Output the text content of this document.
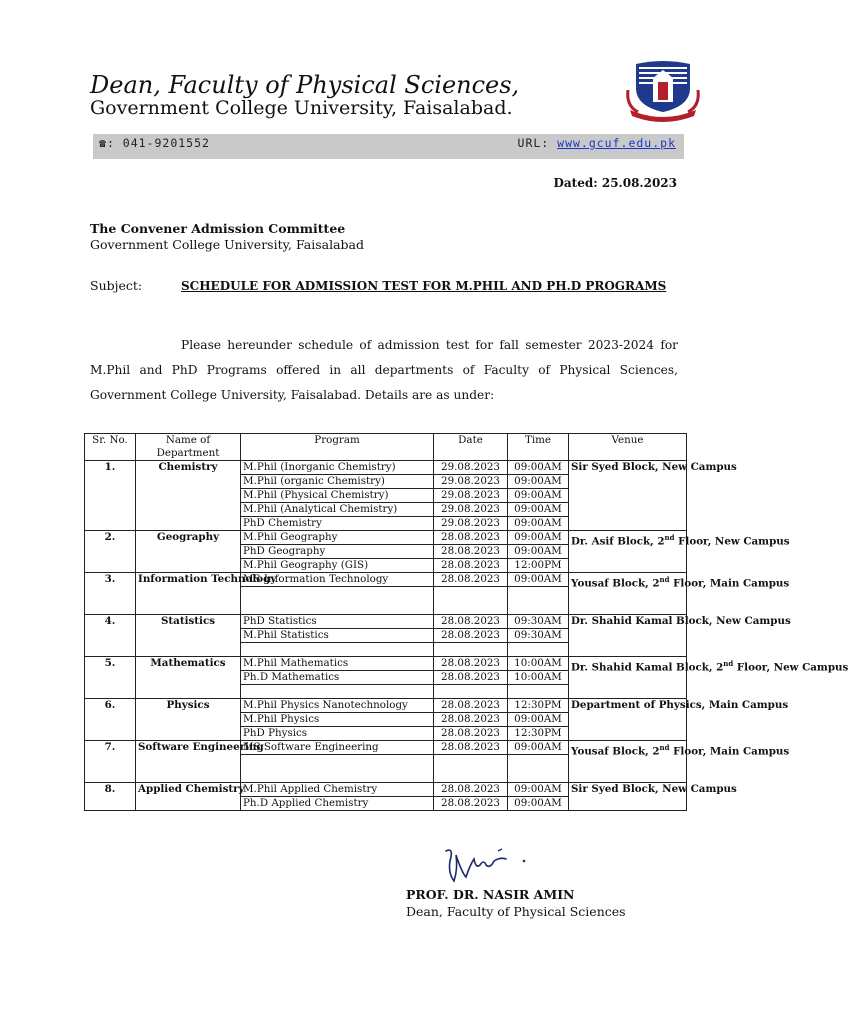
Dean, Faculty of Physical Sciences,
Government College University, Faisalabad.
☎: 041-9201552	URL: www.gcuf.edu.pk
Dated: 25.08.2023
The Convener Admission Committee
Government College University, Faisalabad
Subject:	SCHEDULE FOR ADMISSION TEST FOR M.PHIL AND PH.D PROGRAMS
Please hereunder schedule of admission test for fall semester 2023-2024 for M.Phil and PhD Programs offered in all departments of Faculty of Physical Sciences, Government College University, Faisalabad. Details are as under:
Sr. No.	Name of Department	Program	Date	Time	Venue
1.	Chemistry	M.Phil (Inorganic Chemistry)	29.08.2023	09:00AM	Sir Syed Block, New Campus
		M.Phil (organic Chemistry)	29.08.2023	09:00AM	
		M.Phil (Physical Chemistry)	29.08.2023	09:00AM	
		M.Phil (Analytical Chemistry)	29.08.2023	09:00AM	
		PhD Chemistry	29.08.2023	09:00AM	
2.	Geography	M.Phil Geography	28.08.2023	09:00AM	Dr. Asif Block, 2nd Floor, New Campus
		PhD Geography	28.08.2023	09:00AM	
		M.Phil Geography (GIS)	28.08.2023	12:00PM	
3.	Information Technology	MS Information Technology	28.08.2023	09:00AM	Yousaf Block, 2nd Floor, Main Campus

4.	Statistics	PhD Statistics	28.08.2023	09:30AM	Dr. Shahid Kamal Block, New Campus
		M.Phil Statistics	28.08.2023	09:30AM	

5.	Mathematics	M.Phil Mathematics	28.08.2023	10:00AM	Dr. Shahid Kamal Block, 2nd Floor, New Campus
		Ph.D Mathematics	28.08.2023	10:00AM	

6.	Physics	M.Phil Physics Nanotechnology	28.08.2023	12:30PM	Department of Physics, Main Campus
		M.Phil Physics	28.08.2023	09:00AM	
		PhD Physics	28.08.2023	12:30PM	
7.	Software Engineering	MS Software Engineering	28.08.2023	09:00AM	Yousaf Block, 2nd Floor, Main Campus

8.	Applied Chemistry	M.Phil Applied Chemistry	28.08.2023	09:00AM	Sir Syed Block, New Campus
		Ph.D Applied Chemistry	28.08.2023	09:00AM	
PROF. DR. NASIR AMIN
Dean, Faculty of Physical Sciences
